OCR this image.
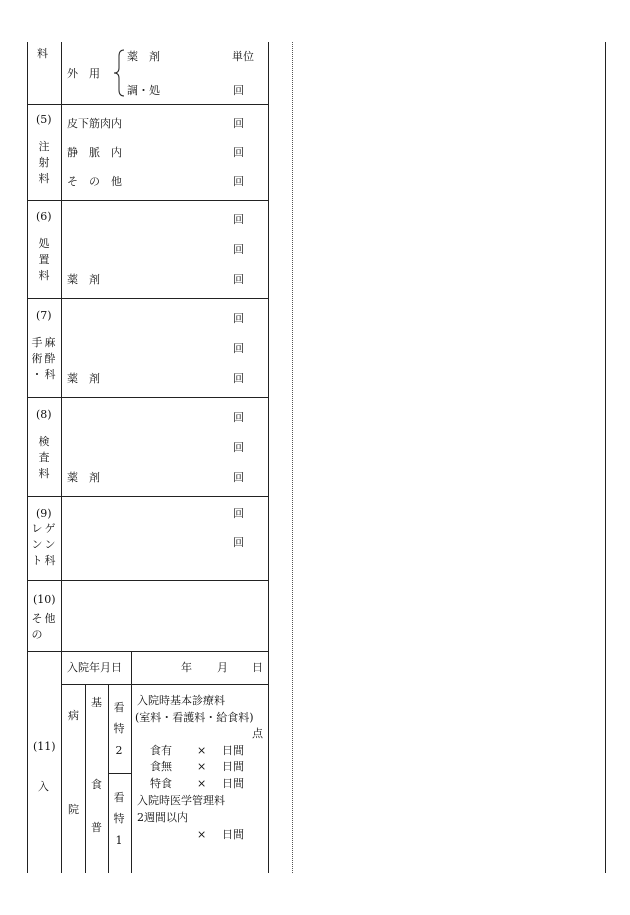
料
外　用
薬　剤
調・処
単位
回
(5)
注
射
料
皮下筋肉内
静　脈　内
そ　の　他
回
回
回
(6)
処
置
料 薬　剤
回
回
回
(7)
手
術
・
麻
酔
科 薬　剤
回
回
回
(8)
検
査
料 薬　剤
回
回
回
(9)
レ
ン
ト
ゲ
ン
科
回
回
(10)
そ
の
他
入院年月日	年 月 日
(11)
入
病
院
基
食
普
看
特
2
看
特
1
入院時基本診療料
(室料・看護料・給食料)
点
食有 × 日間
食無 × 日間
特食 × 日間
入院時医学管理料
2週間以内
× 日間
